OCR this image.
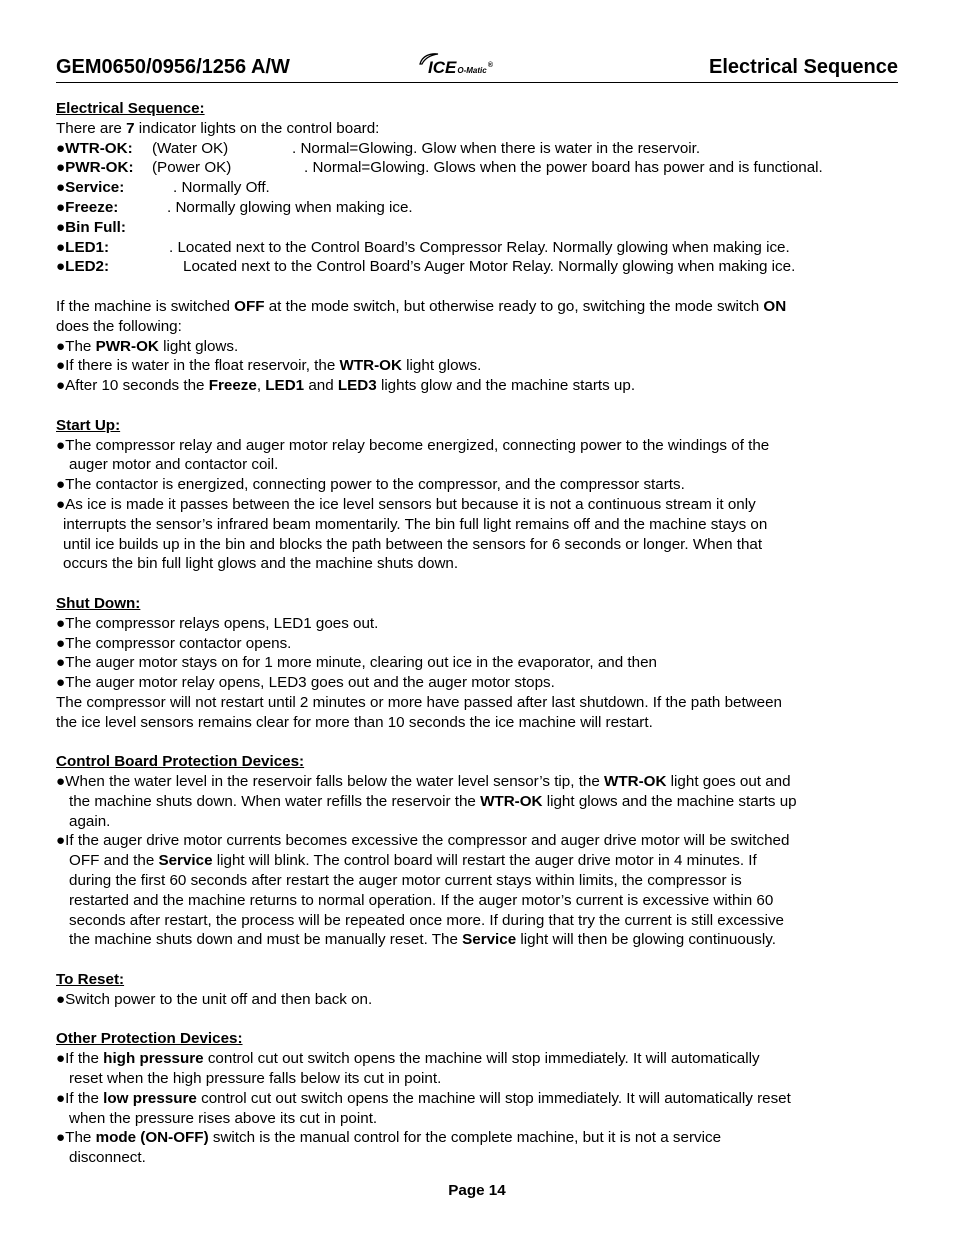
GEM0650/0956/1256 A/W	$ICE_{O-Matic}®$	Electrical Sequence
Electrical Sequence:
There are 7 indicator lights on the control board:
●WTR-OK:	(Water OK)	. Normal=Glowing. Glow when there is water in the reservoir.
●PWR-OK:	(Power OK)	. Normal=Glowing. Glows when the power board has power and is functional.
●Service:	. Normally Off.
●Freeze:	. Normally glowing when making ice.
●Bin Full:
●LED1:	. Located next to the Control Board’s Compressor Relay. Normally glowing when making ice.
●LED2:	Located next to the Control Board’s Auger Motor Relay. Normally glowing when making ice.
If the machine is switched OFF at the mode switch, but otherwise ready to go, switching the mode switch ON
does the following:
●The PWR-OK light glows.
●If there is water in the float reservoir, the WTR-OK light glows.
●After 10 seconds the Freeze, LED1 and LED3 lights glow and the machine starts up.
Start Up:
●The compressor relay and auger motor relay become energized, connecting power to the windings of the
auger motor and contactor coil.
●The contactor is energized, connecting power to the compressor, and the compressor starts.
●As ice is made it passes between the ice level sensors but because it is not a continuous stream it only
interrupts the sensor’s infrared beam momentarily. The bin full light remains off and the machine stays on
until ice builds up in the bin and blocks the path between the sensors for 6 seconds or longer. When that
occurs the bin full light glows and the machine shuts down.
Shut Down:
●The compressor relays opens, LED1 goes out.
●The compressor contactor opens.
●The auger motor stays on for 1 more minute, clearing out ice in the evaporator, and then
●The auger motor relay opens, LED3 goes out and the auger motor stops.
The compressor will not restart until 2 minutes or more have passed after last shutdown. If the path between
the ice level sensors remains clear for more than 10 seconds the ice machine will restart.
Control Board Protection Devices:
●When the water level in the reservoir falls below the water level sensor’s tip, the WTR-OK light goes out and
the machine shuts down. When water refills the reservoir the WTR-OK light glows and the machine starts up
again.
●If the auger drive motor currents becomes excessive the compressor and auger drive motor will be switched
OFF and the Service light will blink. The control board will restart the auger drive motor in 4 minutes. If
during the first 60 seconds after restart the auger motor current stays within limits, the compressor is
restarted and the machine returns to normal operation. If the auger motor’s current is excessive within 60
seconds after restart, the process will be repeated once more. If during that try the current is still excessive
the machine shuts down and must be manually reset. The Service light will then be glowing continuously.
To Reset:
●Switch power to the unit off and then back on.
Other Protection Devices:
●If the high pressure control cut out switch opens the machine will stop immediately. It will automatically
reset when the high pressure falls below its cut in point.
●If the low pressure control cut out switch opens the machine will stop immediately. It will automatically reset
when the pressure rises above its cut in point.
●The mode (ON-OFF) switch is the manual control for the complete machine, but it is not a service
disconnect.
Page 14
